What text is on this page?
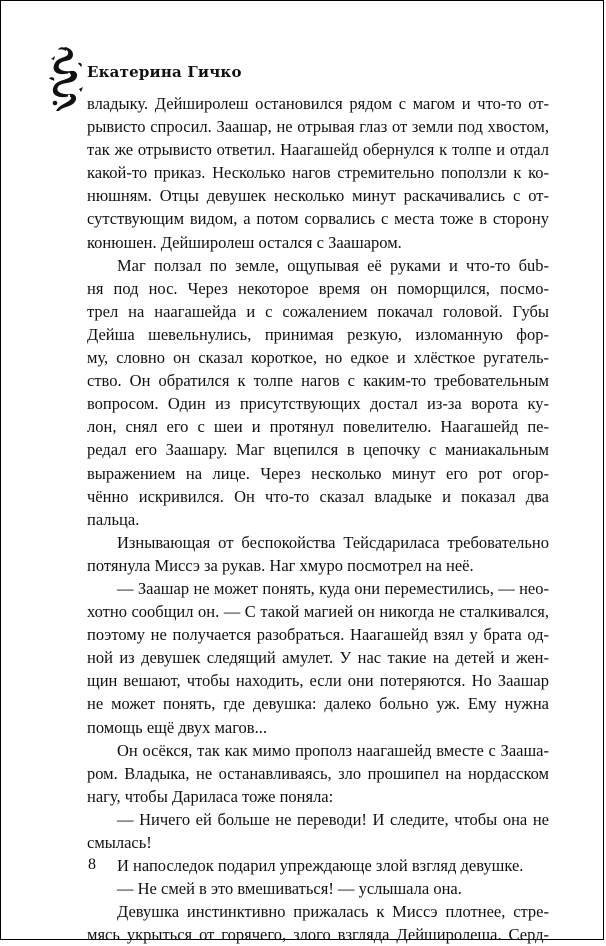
Екатерина Гичко
владыку. Дейширолеш остановился рядом с магом и что-то от-
рывисто спросил. Заашар, не отрывая глаз от земли под хвостом,
так же отрывисто ответил. Наагашейд обернулся к толпе и отдал
какой-то приказ. Несколько нагов стремительно поползли к ко-
нюшням. Отцы девушек несколько минут раскачивались с от-
сутствующим видом, а потом сорвались с места тоже в сторону
конюшен. Дейширолеш остался с Заашаром.
Маг ползал по земле, ощупывая её руками и что-то бub-
ня под нос. Через некоторое время он поморщился, посмо-
трел на наагашейда и с сожалением покачал головой. Губы
Дейша шевельнулись, принимая резкую, изломанную фор-
му, словно он сказал короткое, но едкое и хлёсткое ругатель-
ство. Он обратился к толпе нагов с каким-то требовательным
вопросом. Один из присутствующих достал из-за ворота ку-
лон, снял его с шеи и протянул повелителю. Наагашейд пе-
редал его Заашару. Маг вцепился в цепочку с маниакальным
выражением на лице. Через несколько минут его рот огор-
чённо искривился. Он что-то сказал владыке и показал два
пальца.
Изнывающая от беспокойства Тейсдариласа требовательно
потянула Миссэ за рукав. Наг хмуро посмотрел на неё.
— Заашар не может понять, куда они переместились, — нео-
хотно сообщил он. — С такой магией он никогда не сталкивался,
поэтому не получается разобраться. Наагашейд взял у брата од-
ной из девушек следящий амулет. У нас такие на детей и жен-
щин вешают, чтобы находить, если они потеряются. Но Заашар
не может понять, где девушка: далеко больно уж. Ему нужна
помощь ещё двух магов...
Он осёкся, так как мимо прополз наагашейд вместе с Зааша-
ром. Владыка, не останавливаясь, зло прошипел на нордасском
нагу, чтобы Дариласа тоже поняла:
— Ничего ей больше не переводи! И следите, чтобы она не
смылась!
И напоследок подарил упреждающе злой взгляд девушке.
— Не смей в это вмешиваться! — услышала она.
Девушка инстинктивно прижалась к Миссэ плотнее, стре-
мясь укрыться от горячего, злого взгляда Дейширолеша. Серд-
8
